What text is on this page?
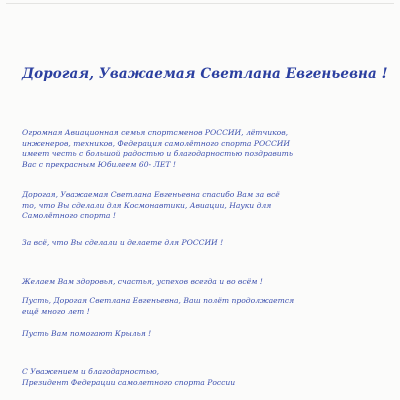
Дорогая, Уважаемая Светлана Евгеньевна !
Огромная Авиационная семья спортсменов РОССИИ, лётчиков,
инженеров, техников, Федерация самолётного спорта РОССИИ
имеет честь с большой радостью и благодарностью поздравить
Вас с прекрасным Юбилеем 60- ЛЕТ !
Дорогая, Уважаемая Светлана Евгеньевна спасибо Вам за всё
то, что Вы сделали для Космонавтики, Авиации, Науки для
Самолётного спорта !
За всё, что Вы сделали и делаете для РОССИИ !
Желаем Вам здоровья, счастья, успехов всегда и во всём !
Пусть, Дорогая Светлана Евгеньевна, Ваш полёт продолжается
ещё много лет !
Пусть Вам помогают Крылья !
С Уважением и благодарностью,
Президент Федерации самолетного спорта России
